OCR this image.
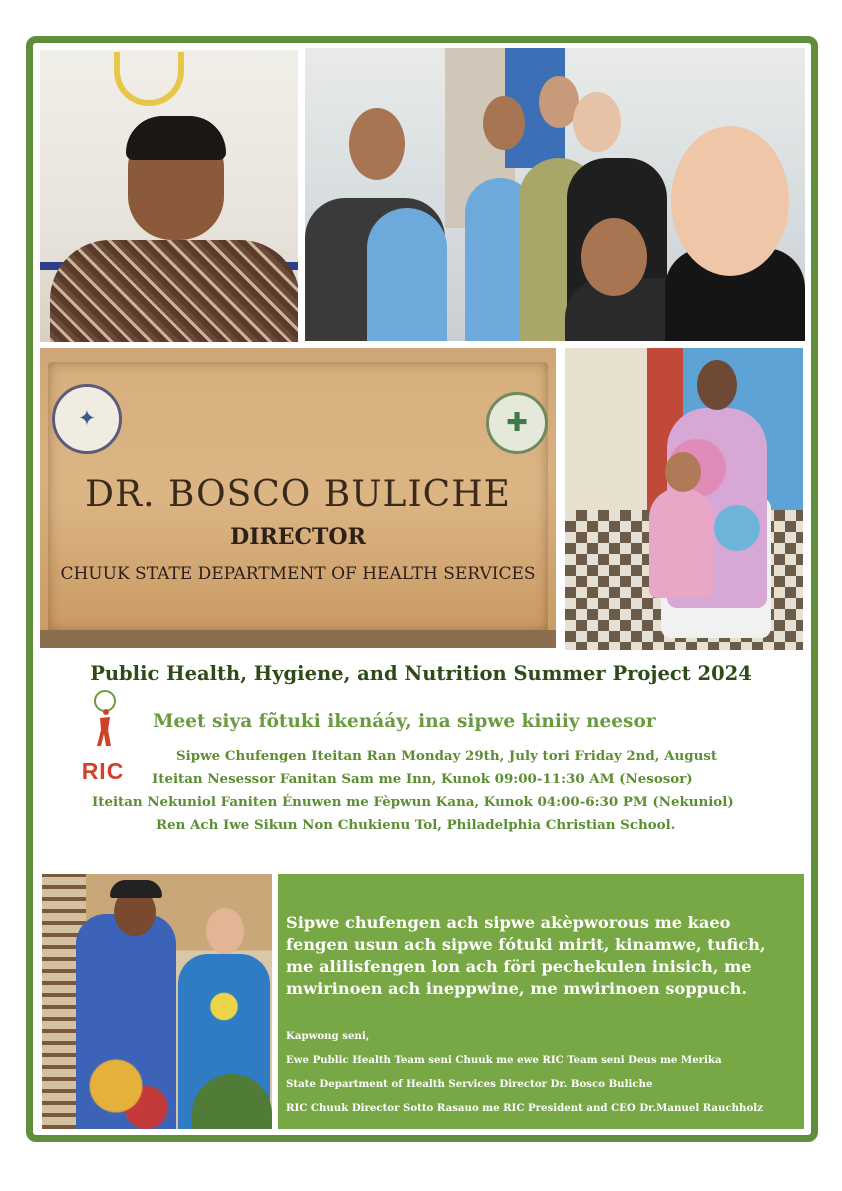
✦	✚
DR. BOSCO BULICHE
DIRECTOR
CHUUK STATE DEPARTMENT OF HEALTH SERVICES
Public Health, Hygiene, and Nutrition Summer Project 2024
RIC
Meet siya fõtuki ikenááy, ina sipwe kiniiy neesor
Sipwe Chufengen Iteitan Ran Monday 29th, July tori Friday 2nd, August
Iteitan Nesessor Fanitan Sam me Inn, Kunok 09:00-11:30 AM (Nesosor)
Iteitan Nekuniol Faniten Énuwen me Fèpwun Kana, Kunok 04:00-6:30 PM (Nekuniol)
Ren Ach Iwe Sikun Non Chukienu Tol, Philadelphia Christian School.
Sipwe chufengen ach sipwe akèpworous me kaeo fengen usun ach sipwe fótuki mirit, kinamwe, tufich, me alilisfengen lon ach föri pechekulen inisich, me mwirinoen ach ineppwine, me mwirinoen soppuch.
Kapwong seni,
Ewe Public Health Team seni Chuuk me ewe RIC Team seni Deus me Merika
State Department of Health Services Director Dr. Bosco Buliche
RIC Chuuk Director Sotto Rasauo me RIC President and CEO Dr.Manuel Rauchholz
